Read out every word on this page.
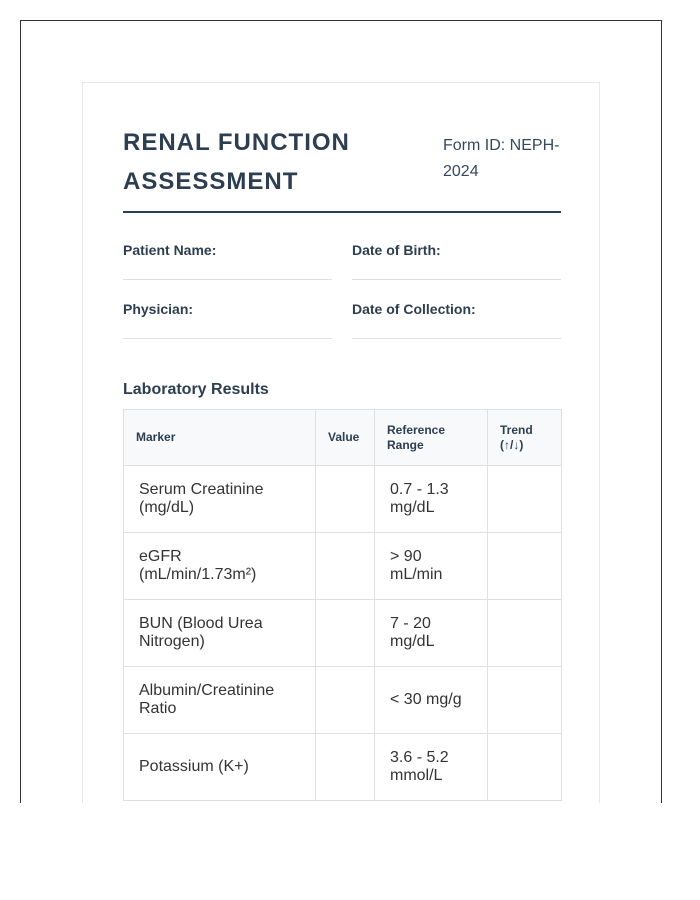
RENAL FUNCTION ASSESSMENT
Form ID: NEPH-2024
Patient Name:	Date of Birth:
Physician:	Date of Collection:
Laboratory Results
Marker	Value	Reference Range	Trend (↑/↓)
Serum Creatinine (mg/dL)		0.7 - 1.3 mg/dL	
eGFR (mL/min/1.73m²)		> 90 mL/min	
BUN (Blood Urea Nitrogen)		7 - 20 mg/dL	
Albumin/Creatinine Ratio		< 30 mg/g	
Potassium (K+)		3.6 - 5.2 mmol/L	
